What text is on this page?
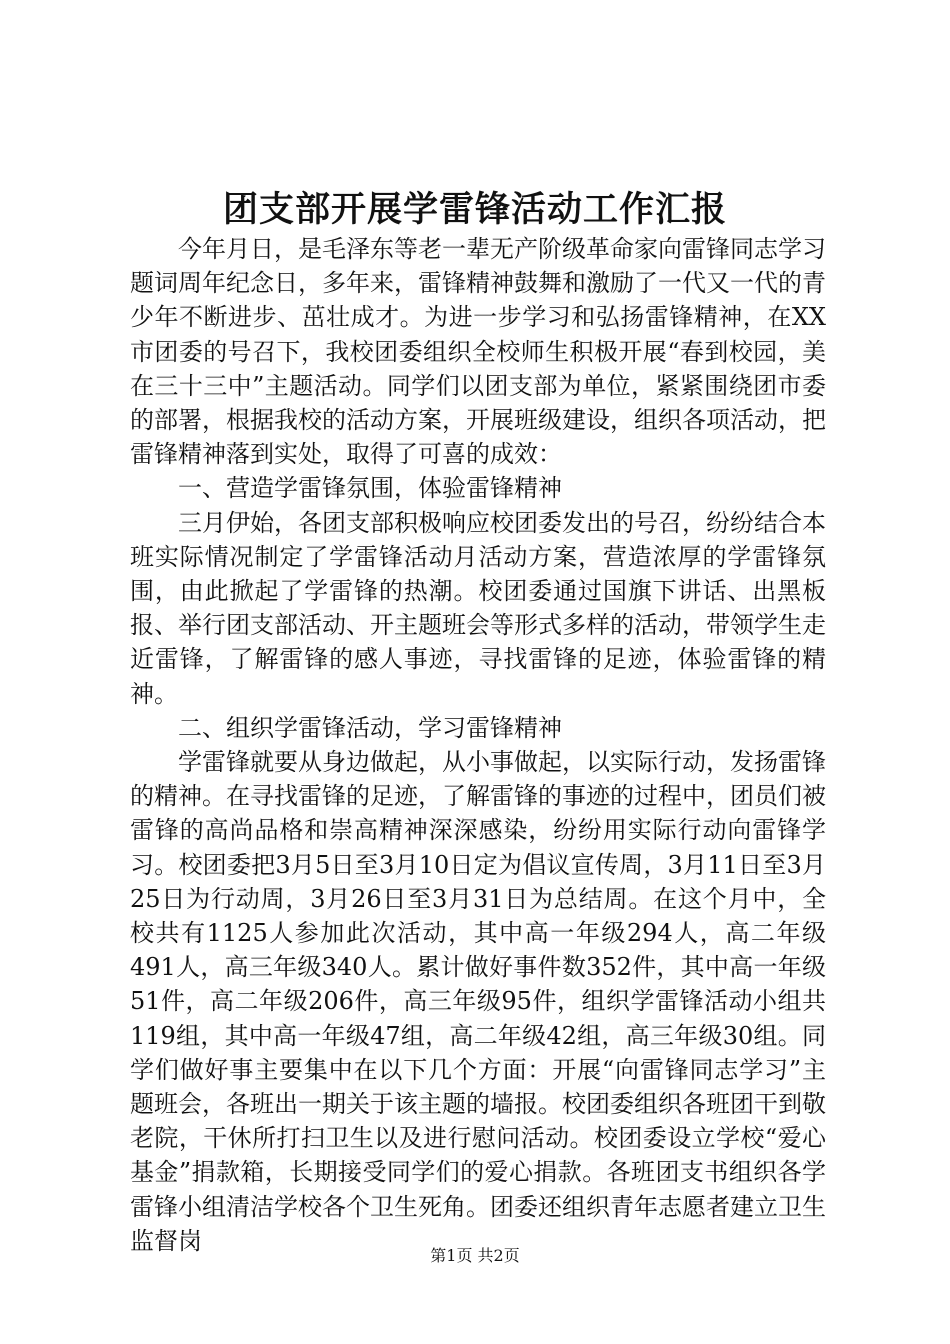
团支部开展学雷锋活动工作汇报

今年月日，是毛泽东等老一辈无产阶级革命家向雷锋同志学习题词周年纪念日，多年来，雷锋精神鼓舞和激励了一代又一代的青少年不断进步、茁壮成才。为进一步学习和弘扬雷锋精神，在XX市团委的号召下，我校团委组织全校师生积极开展“春到校园，美在三十三中”主题活动。同学们以团支部为单位，紧紧围绕团市委的部署，根据我校的活动方案，开展班级建设，组织各项活动，把雷锋精神落到实处，取得了可喜的成效：

一、营造学雷锋氛围，体验雷锋精神

三月伊始，各团支部积极响应校团委发出的号召，纷纷结合本班实际情况制定了学雷锋活动月活动方案，营造浓厚的学雷锋氛围，由此掀起了学雷锋的热潮。校团委通过国旗下讲话、出黑板报、举行团支部活动、开主题班会等形式多样的活动，带领学生走近雷锋，了解雷锋的感人事迹，寻找雷锋的足迹，体验雷锋的精神。

二、组织学雷锋活动，学习雷锋精神

学雷锋就要从身边做起，从小事做起，以实际行动，发扬雷锋的精神。在寻找雷锋的足迹，了解雷锋的事迹的过程中，团员们被雷锋的高尚品格和崇高精神深深感染，纷纷用实际行动向雷锋学习。校团委把3月5日至3月10日定为倡议宣传周，3月11日至3月25日为行动周，3月26日至3月31日为总结周。在这个月中，全校共有1125人参加此次活动，其中高一年级294人，高二年级491人，高三年级340人。累计做好事件数352件，其中高一年级51件，高二年级206件，高三年级95件，组织学雷锋活动小组共119组，其中高一年级47组，高二年级42组，高三年级30组。同学们做好事主要集中在以下几个方面：开展“向雷锋同志学习”主题班会，各班出一期关于该主题的墙报。校团委组织各班团干到敬老院，干休所打扫卫生以及进行慰问活动。校团委设立学校“爱心基金”捐款箱，长期接受同学们的爱心捐款。各班团支书组织各学雷锋小组清洁学校各个卫生死角。团委还组织青年志愿者建立卫生监督岗

第1页 共2页
